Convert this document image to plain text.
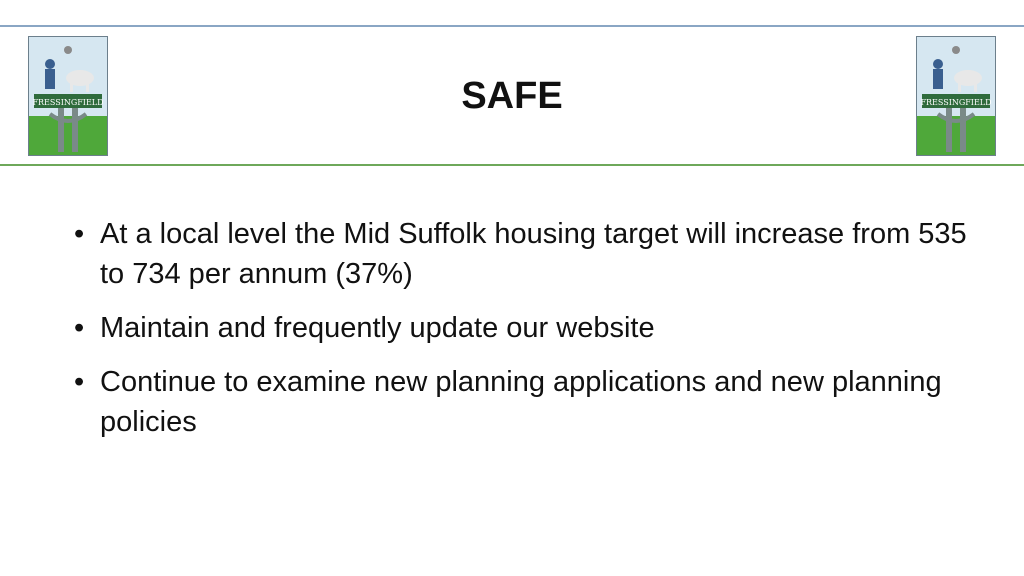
FRESSINGFIELD	FRESSINGFIELD
SAFE
• At a local level the Mid Suffolk housing target will increase from 535 to 734 per annum (37%)
• Maintain and frequently update our website
• Continue to examine new planning applications and new planning policies
